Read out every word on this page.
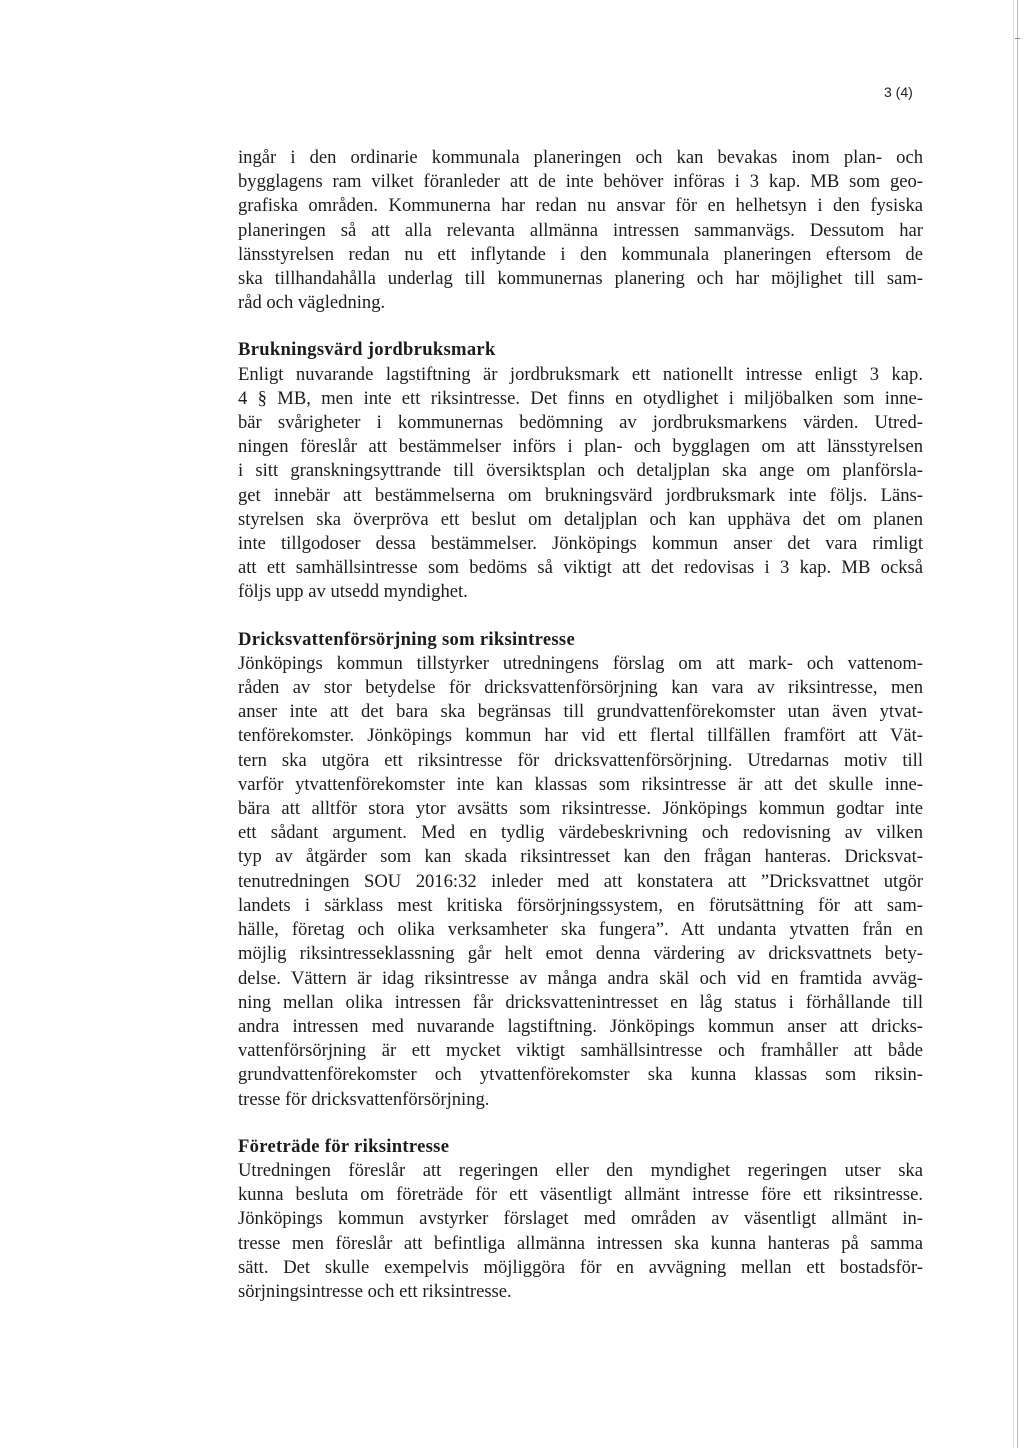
3 (4)
ingår i den ordinarie kommunala planeringen och kan bevakas inom plan- och
bygglagens ram vilket föranleder att de inte behöver införas i 3 kap. MB som geo-
grafiska områden. Kommunerna har redan nu ansvar för en helhetsyn i den fysiska
planeringen så att alla relevanta allmänna intressen sammanvägs. Dessutom har
länsstyrelsen redan nu ett inflytande i den kommunala planeringen eftersom de
ska tillhandahålla underlag till kommunernas planering och har möjlighet till sam-
råd och vägledning.
Brukningsvärd jordbruksmark
Enligt nuvarande lagstiftning är jordbruksmark ett nationellt intresse enligt 3 kap.
4 § MB, men inte ett riksintresse. Det finns en otydlighet i miljöbalken som inne-
bär svårigheter i kommunernas bedömning av jordbruksmarkens värden. Utred-
ningen föreslår att bestämmelser införs i plan- och bygglagen om att länsstyrelsen
i sitt granskningsyttrande till översiktsplan och detaljplan ska ange om planförsla-
get innebär att bestämmelserna om brukningsvärd jordbruksmark inte följs. Läns-
styrelsen ska överpröva ett beslut om detaljplan och kan upphäva det om planen
inte tillgodoser dessa bestämmelser. Jönköpings kommun anser det vara rimligt
att ett samhällsintresse som bedöms så viktigt att det redovisas i 3 kap. MB också
följs upp av utsedd myndighet.
Dricksvattenförsörjning som riksintresse
Jönköpings kommun tillstyrker utredningens förslag om att mark- och vattenom-
råden av stor betydelse för dricksvattenförsörjning kan vara av riksintresse, men
anser inte att det bara ska begränsas till grundvattenförekomster utan även ytvat-
tenförekomster. Jönköpings kommun har vid ett flertal tillfällen framfört att Vät-
tern ska utgöra ett riksintresse för dricksvattenförsörjning. Utredarnas motiv till
varför ytvattenförekomster inte kan klassas som riksintresse är att det skulle inne-
bära att alltför stora ytor avsätts som riksintresse. Jönköpings kommun godtar inte
ett sådant argument. Med en tydlig värdebeskrivning och redovisning av vilken
typ av åtgärder som kan skada riksintresset kan den frågan hanteras. Dricksvat-
tenutredningen SOU 2016:32 inleder med att konstatera att ”Dricksvattnet utgör
landets i särklass mest kritiska försörjningssystem, en förutsättning för att sam-
hälle, företag och olika verksamheter ska fungera”. Att undanta ytvatten från en
möjlig riksintresseklassning går helt emot denna värdering av dricksvattnets bety-
delse. Vättern är idag riksintresse av många andra skäl och vid en framtida avväg-
ning mellan olika intressen får dricksvattenintresset en låg status i förhållande till
andra intressen med nuvarande lagstiftning. Jönköpings kommun anser att dricks-
vattenförsörjning är ett mycket viktigt samhällsintresse och framhåller att både
grundvattenförekomster och ytvattenförekomster ska kunna klassas som riksin-
tresse för dricksvattenförsörjning.
Företräde för riksintresse
Utredningen föreslår att regeringen eller den myndighet regeringen utser ska
kunna besluta om företräde för ett väsentligt allmänt intresse före ett riksintresse.
Jönköpings kommun avstyrker förslaget med områden av väsentligt allmänt in-
tresse men föreslår att befintliga allmänna intressen ska kunna hanteras på samma
sätt. Det skulle exempelvis möjliggöra för en avvägning mellan ett bostadsför-
sörjningsintresse och ett riksintresse.
